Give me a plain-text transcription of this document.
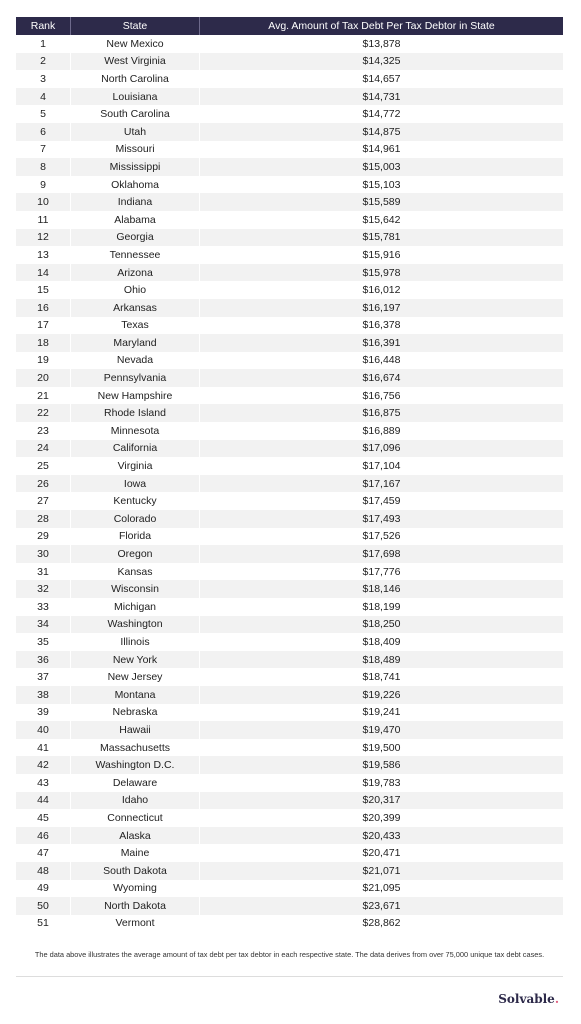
Rank	State	Avg. Amount of Tax Debt Per Tax Debtor in State
1	New Mexico	$13,878
2	West Virginia	$14,325
3	North Carolina	$14,657
4	Louisiana	$14,731
5	South Carolina	$14,772
6	Utah	$14,875
7	Missouri	$14,961
8	Mississippi	$15,003
9	Oklahoma	$15,103
10	Indiana	$15,589
11	Alabama	$15,642
12	Georgia	$15,781
13	Tennessee	$15,916
14	Arizona	$15,978
15	Ohio	$16,012
16	Arkansas	$16,197
17	Texas	$16,378
18	Maryland	$16,391
19	Nevada	$16,448
20	Pennsylvania	$16,674
21	New Hampshire	$16,756
22	Rhode Island	$16,875
23	Minnesota	$16,889
24	California	$17,096
25	Virginia	$17,104
26	Iowa	$17,167
27	Kentucky	$17,459
28	Colorado	$17,493
29	Florida	$17,526
30	Oregon	$17,698
31	Kansas	$17,776
32	Wisconsin	$18,146
33	Michigan	$18,199
34	Washington	$18,250
35	Illinois	$18,409
36	New York	$18,489
37	New Jersey	$18,741
38	Montana	$19,226
39	Nebraska	$19,241
40	Hawaii	$19,470
41	Massachusetts	$19,500
42	Washington D.C.	$19,586
43	Delaware	$19,783
44	Idaho	$20,317
45	Connecticut	$20,399
46	Alaska	$20,433
47	Maine	$20,471
48	South Dakota	$21,071
49	Wyoming	$21,095
50	North Dakota	$23,671
51	Vermont	$28,862
The data above illustrates the average amount of tax debt per tax debtor in each respective state. The data derives from over 75,000 unique tax debt cases.
Solvable.
